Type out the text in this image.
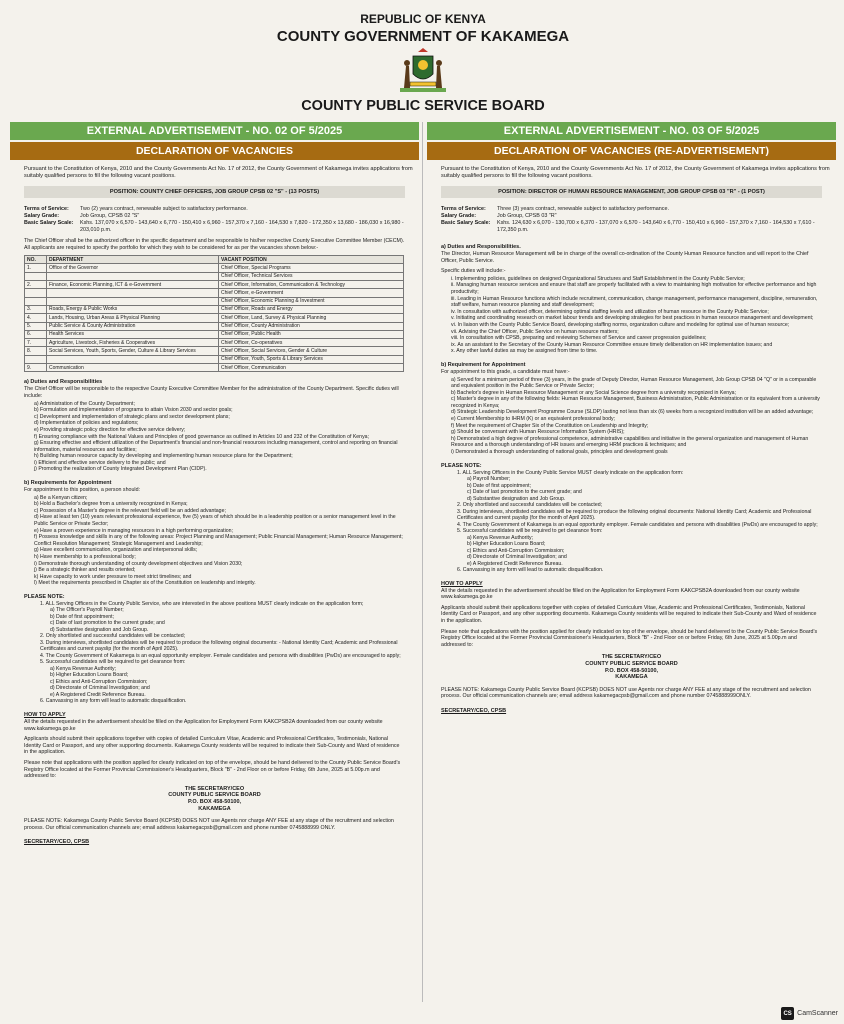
REPUBLIC OF KENYA
COUNTY GOVERNMENT OF KAKAMEGA
COUNTY PUBLIC SERVICE BOARD
EXTERNAL ADVERTISEMENT - NO. 02 OF 5/2025
DECLARATION OF VACANCIES
Pursuant to the Constitution of Kenya, 2010 and the County Governments Act No. 17 of 2012, the County Government of Kakamega invites applications from suitably qualified persons to fill the following vacant positions.
POSITION: COUNTY CHIEF OFFICERS, JOB GROUP CPSB 02 "S" - (13 POSTS)
Terms of Service:	Two (2) years contract, renewable subject to satisfactory performance.
Salary Grade:	Job Group, CPSB 02 "S"
Basic Salary Scale:	Kshs. 137,070 x 6,570 - 143,640 x 6,770 - 150,410 x 6,960 - 157,370 x 7,160 - 164,530 x 7,820 - 172,350 x 13,680 - 186,030 x 16,980 - 203,010 p.m.
The Chief Officer shall be the authorized officer in the specific department and be responsible to his/her respective County Executive Committee Member (CECM). All applicants are required to specify the portfolio for which they wish to be considered for as per the vacancies shown below:-
NO.	DEPARTMENT	VACANT POSITION
1.	Office of the Governor	Chief Officer, Special Programs
		Chief Officer, Technical Services
2.	Finance, Economic Planning, ICT & e-Government	Chief Officer, Information, Communication & Technology
		Chief Officer, e-Government
		Chief Officer, Economic Planning & Investment
3.	Roads, Energy & Public Works	Chief Officer, Roads and Energy
4.	Lands, Housing, Urban Areas & Physical Planning	Chief Officer, Land, Survey & Physical Planning
5.	Public Service & County Administration	Chief Officer, County Administration
6.	Health Services	Chief Officer, Public Health
7.	Agriculture, Livestock, Fisheries & Cooperatives	Chief Officer, Co-operatives
8.	Social Services, Youth, Sports, Gender, Culture & Library Services	Chief Officer, Social Services, Gender & Culture
		Chief Officer, Youth, Sports & Library Services
9.	Communication	Chief Officer, Communication
a) Duties and Responsibilities
The Chief Officer will be responsible to the respective County Executive Committee Member for the administration of the County Department. Specific duties will include:
a) Administration of the County Department;
b) Formulation and implementation of programs to attain Vision 2030 and sector goals;
c) Development and implementation of strategic plans and sector development plans;
d) Implementation of policies and regulations;
e) Providing strategic policy direction for effective service delivery;
f) Ensuring compliance with the National Values and Principles of good governance as outlined in Articles 10 and 232 of the Constitution of Kenya;
g) Ensuring effective and efficient utilization of the Department's financial and non-financial resources including management, control and reporting on financial information, material resources and facilities;
h) Building human resource capacity by developing and implementing human resource plans for the Department;
i) Efficient and effective service delivery to the public; and
j) Promoting the realization of County Integrated Development Plan (CIDP).
b) Requirements for Appointment
For appointment to this position, a person should:
a) Be a Kenyan citizen;
b) Hold a Bachelor's degree from a university recognized in Kenya;
c) Possession of a Master's degree in the relevant field will be an added advantage;
d) Have at least ten (10) years relevant professional experience, five (5) years of which should be in a leadership position or a senior management level in the Public Service or Private Sector;
e) Have a proven experience in managing resources in a high performing organization;
f) Possess knowledge and skills in any of the following areas: Project Planning and Management; Public Financial Management; Human Resource Management; Conflict Resolution Management; Strategic Management and Leadership;
g) Have excellent communication, organization and interpersonal skills;
h) Have membership to a professional body;
i) Demonstrate thorough understanding of county development objectives and Vision 2030;
j) Be a strategic thinker and results oriented;
k) Have capacity to work under pressure to meet strict timelines; and
l) Meet the requirements prescribed in Chapter six of the Constitution on leadership and integrity.
PLEASE NOTE:
1. ALL Serving Officers in the County Public Service, who are interested in the above positions MUST clearly indicate on the application form;
a) The Officer's Payroll Number;
b) Date of first appointment;
c) Date of last promotion to the current grade; and
d) Substantive designation and Job Group.
2. Only shortlisted and successful candidates will be contacted;
3. During interviews, shortlisted candidates will be required to produce the following original documents: - National Identity Card; Academic and Professional Certificates and current payslip (for the month of April 2025).
4. The County Government of Kakamega is an equal opportunity employer. Female candidates and persons with disabilities (PwDs) are encouraged to apply;
5. Successful candidates will be required to get clearance from:
a) Kenya Revenue Authority;
b) Higher Education Loans Board;
c) Ethics and Anti-Corruption Commission;
d) Directorate of Criminal Investigation; and
e) A Registered Credit Reference Bureau.
6. Canvassing in any form will lead to automatic disqualification.
HOW TO APPLY
All the details requested in the advertisement should be filled on the Application for Employment Form KAKCPSB2A downloaded from our county website www.kakamega.go.ke
Applicants should submit their applications together with copies of detailed Curriculum Vitae, Academic and Professional Certificates, Testimonials, National Identity Card or Passport, and any other supporting documents. Kakamega County residents will be required to indicate their Sub-County and Ward of residence in the application.
Please note that applications with the position applied for clearly indicated on top of the envelope, should be hand delivered to the County Public Service Board's Registry Office located at the Former Provincial Commissioner's Headquarters, Block "B" - 2nd Floor on or before Friday, 6th June, 2025 at 5.00p.m and addressed to:
THE SECRETARY/CEO
COUNTY PUBLIC SERVICE BOARD
P.O. BOX 458-50100,
KAKAMEGA
PLEASE NOTE: Kakamega County Public Service Board (KCPSB) DOES NOT use Agents nor charge ANY FEE at any stage of the recruitment and selection process. Our official communication channels are; email address kakamegacpsb@gmail.com and phone number 0745888999 ONLY.
SECRETARY/CEO, CPSB
EXTERNAL ADVERTISEMENT - NO. 03 OF 5/2025
DECLARATION OF VACANCIES (RE-ADVERTISEMENT)
Pursuant to the Constitution of Kenya, 2010 and the County Governments Act No. 17 of 2012, the County Government of Kakamega invites applications from suitably qualified persons to fill the following vacant positions.
POSITION: DIRECTOR OF HUMAN RESOURCE MANAGEMENT, JOB GROUP CPSB 03 "R" - (1 POST)
Terms of Service:	Three (3) years contract, renewable subject to satisfactory performance.
Salary Grade:	Job Group, CPSB 03 "R"
Basic Salary Scale:	Kshs. 124,630 x 6,070 - 130,700 x 6,370 - 137,070 x 6,570 - 143,640 x 6,770 - 150,410 x 6,960 - 157,370 x 7,160 - 164,530 x 7,610 - 172,350 p.m.
a) Duties and Responsibilities.
The Director, Human Resource Management will be in charge of the overall co-ordination of the County Human Resource function and will report to the Chief Officer, Public Service.
Specific duties will include:-
i. Implementing policies, guidelines on designed Organizational Structures and Staff Establishment in the County Public Service;
ii. Managing human resource services and ensure that staff are properly facilitated with a view to maintaining high motivation for effective performance and high productivity;
iii. Leading in Human Resource functions which include recruitment, communication, change management, performance management, discipline, remuneration, staff welfare, human resource planning and staff development;
iv. In consultation with authorized officer, determining optimal staffing levels and utilization of human resource in the County Public Service;
v. Initiating and coordinating research on market labour trends and developing strategies for best practices in human resource management and development;
vi. In liaison with the County Public Service Board, developing staffing norms, organization culture and modeling for optimal use of human resource;
vii. Advising the Chief Officer, Public Service on human resource matters;
viii. In consultation with CPSB, preparing and reviewing Schemes of Service and career progression guidelines;
ix. As an assistant to the Secretary of the County Human Resource Committee ensure timely deliberation on HR implementation issues; and
x. Any other lawful duties as may be assigned from time to time.
b) Requirement for Appointment
For appointment to this grade, a candidate must have:-
a) Served for a minimum period of three (3) years, in the grade of Deputy Director, Human Resource Management, Job Group CPSB 04 "Q" or in a comparable and equivalent position in the Public Service or Private Sector;
b) Bachelor's degree in Human Resource Management or any Social Science degree from a university recognized in Kenya;
c) Master's degree in any of the following fields: Human Resource Management, Business Administration, Public Administration or its equivalent from a university recognized in Kenya;
d) Strategic Leadership Development Programme Course (SLDP) lasting not less than six (6) weeks from a recognized institution will be an added advantage;
e) Current Membership to IHRM (K) or an equivalent professional body;
f) Meet the requirement of Chapter Six of the Constitution on Leadership and Integrity;
g) Should be conversant with Human Resource Information System (HRIS);
h) Demonstrated a high degree of professional competence, administrative capabilities and initiative in the general organization and management of Human Resource and a thorough understanding of HR issues and emerging HRM practices & techniques; and
i) Demonstrated a thorough understanding of national goals, principles and development goals
PLEASE NOTE:
1. ALL Serving Officers in the County Public Service MUST clearly indicate on the application form:
a) Payroll Number;
b) Date of first appointment;
c) Date of last promotion to the current grade; and
d) Substantive designation and Job Group.
2. Only shortlisted and successful candidates will be contacted;
3. During interviews, shortlisted candidates will be required to produce the following original documents: National Identity Card; Academic and Professional Certificates and current payslip (for the month of April 2025).
4. The County Government of Kakamega is an equal opportunity employer. Female candidates and persons with disabilities (PwDs) are encouraged to apply;
5. Successful candidates will be required to get clearance from:
a) Kenya Revenue Authority;
b) Higher Education Loans Board;
c) Ethics and Anti-Corruption Commission;
d) Directorate of Criminal Investigation; and
e) A Registered Credit Reference Bureau.
6. Canvassing in any form will lead to automatic disqualification.
HOW TO APPLY
All the details requested in the advertisement should be filled on the Application for Employment Form KAKCPSB2A downloaded from our county website www.kakamega.go.ke
Applicants should submit their applications together with copies of detailed Curriculum Vitae, Academic and Professional Certificates, Testimonials, National Identity Card or Passport, and any other supporting documents. Kakamega County residents will be required to indicate their Sub-County and Ward of residence in the application.
Please note that applications with the position applied for clearly indicated on top of the envelope, should be hand delivered to the County Public Service Board's Registry Office located at the Former Provincial Commissioner's Headquarters, Block "B" - 2nd Floor on or before Friday, 6th June, 2025 at 5.00p.m and addressed to:
THE SECRETARY/CEO
COUNTY PUBLIC SERVICE BOARD
P.O. BOX 458-50100,
KAKAMEGA
PLEASE NOTE: Kakamega County Public Service Board (KCPSB) DOES NOT use Agents nor charge ANY FEE at any stage of the recruitment and selection process. Our official communication channels are; email address kakamegacpsb@gmail.com and phone number 0745888999ONLY.
SECRETARY/CEO, CPSB
CS CamScanner
